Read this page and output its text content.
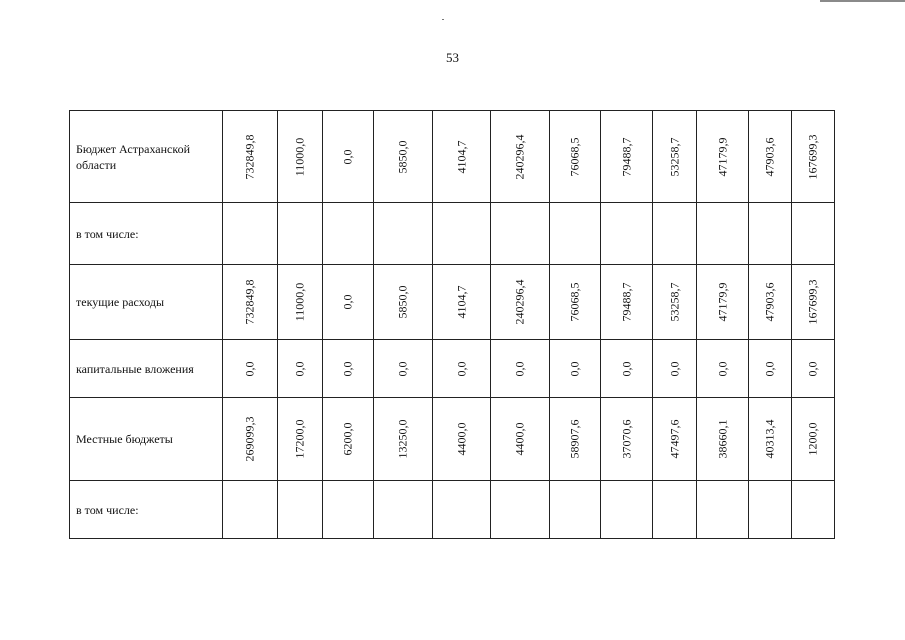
53
Бюджет Астраханской области	732849,8	11000,0	0,0	5850,0	4104,7	240296,4	76068,5	79488,7	53258,7	47179,9	47903,6	167699,3

в том числе:	

текущие расходы	732849,8	11000,0	0,0	5850,0	4104,7	240296,4	76068,5	79488,7	53258,7	47179,9	47903,6	167699,3

капитальные вложения	0,0	0,0	0,0	0,0	0,0	0,0	0,0	0,0	0,0	0,0	0,0	0,0

Местные бюджеты	269099,3	17200,0	6200,0	13250,0	4400,0	4400,0	58907,6	37070,6	47497,6	38660,1	40313,4	1200,0

в том числе:	
